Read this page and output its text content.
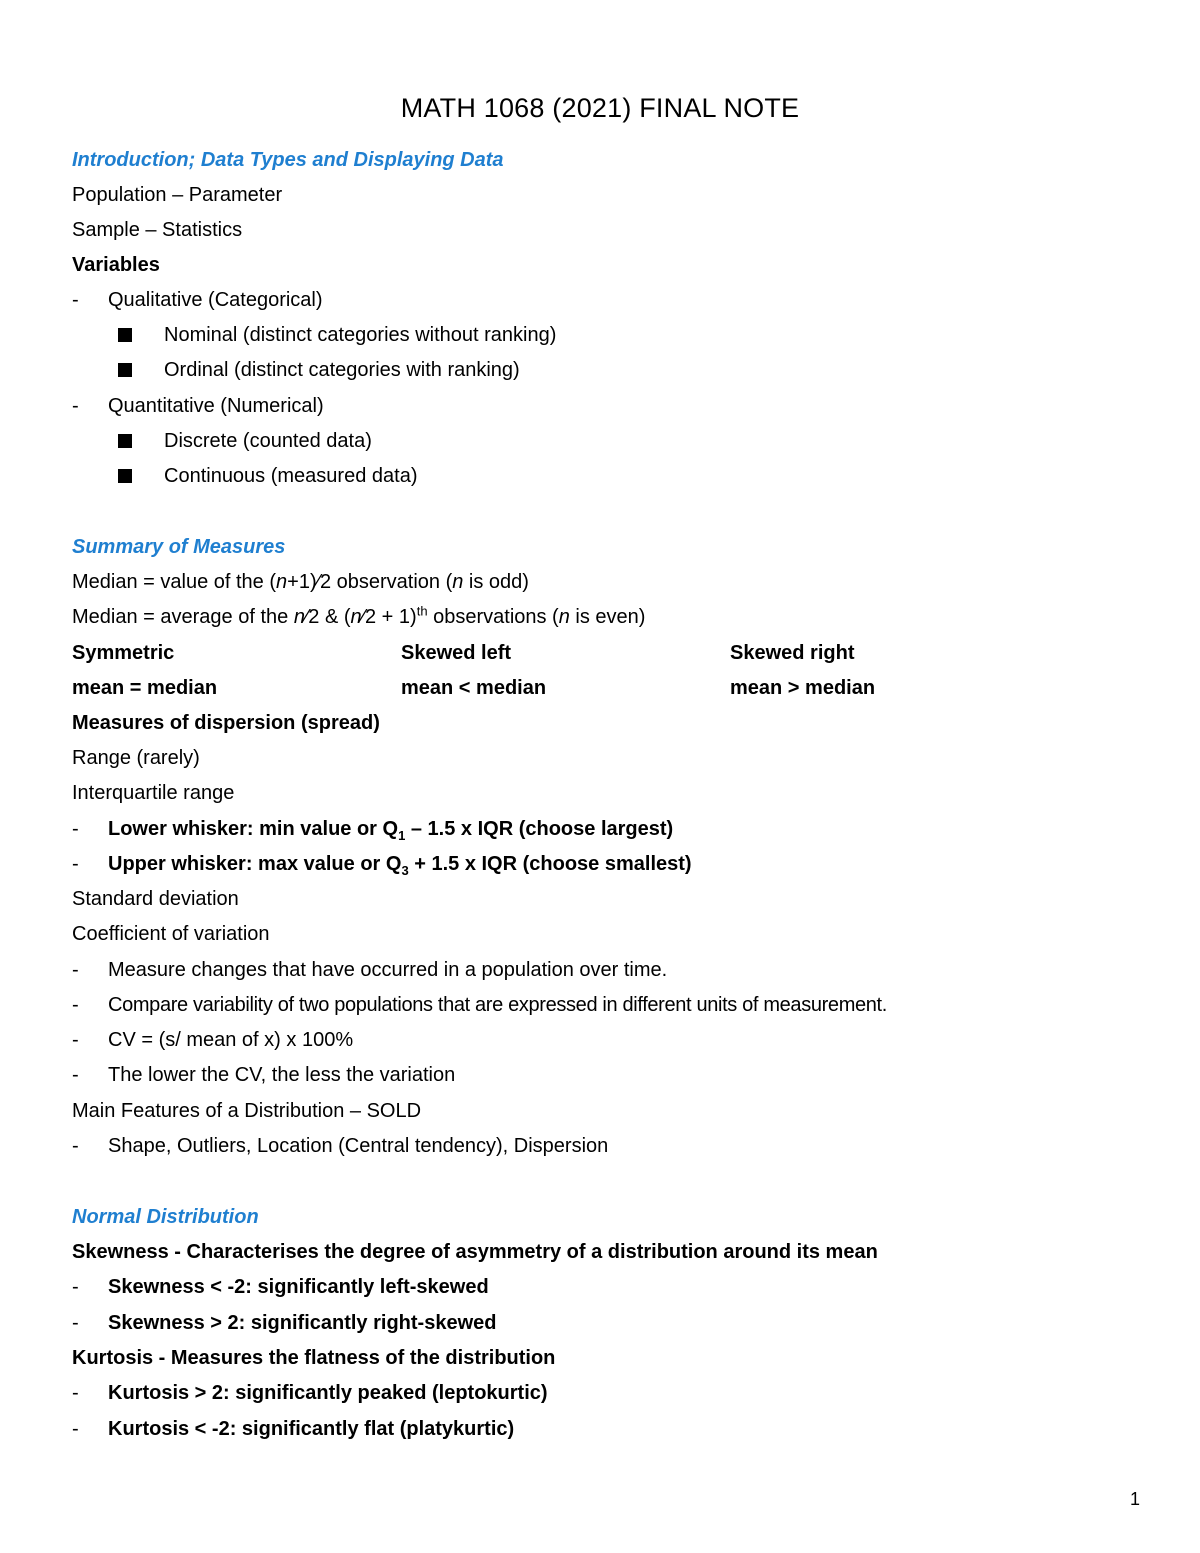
MATH 1068 (2021) FINAL NOTE
Introduction; Data Types and Displaying Data
Population – Parameter
Sample – Statistics
Variables
- Qualitative (Categorical)
Nominal (distinct categories without ranking)
Ordinal (distinct categories with ranking)
- Quantitative (Numerical)
Discrete (counted data)
Continuous (measured data)
Summary of Measures
Median = value of the (n+1)⁄2 observation (n is odd)
Median = average of the n⁄2 & (n⁄2 + 1)$^{th}$ observations (n is even)
Symmetric	Skewed left	Skewed right
mean = median	mean < median	mean > median
Measures of dispersion (spread)
Range (rarely)
Interquartile range
- Lower whisker: min value or $Q_1 - 1.5$ x IQR (choose largest)
- Upper whisker: max value or $Q_3 + 1.5$ x IQR (choose smallest)
Standard deviation
Coefficient of variation
- Measure changes that have occurred in a population over time.
- Compare variability of two populations that are expressed in different units of measurement.
- CV = (s/ mean of x) x 100%
- The lower the CV, the less the variation
Main Features of a Distribution – SOLD
- Shape, Outliers, Location (Central tendency), Dispersion
Normal Distribution
Skewness - Characterises the degree of asymmetry of a distribution around its mean
- Skewness < -2: significantly left-skewed
- Skewness > 2: significantly right-skewed
Kurtosis - Measures the flatness of the distribution
- Kurtosis > 2: significantly peaked (leptokurtic)
- Kurtosis < -2: significantly flat (platykurtic)
1
